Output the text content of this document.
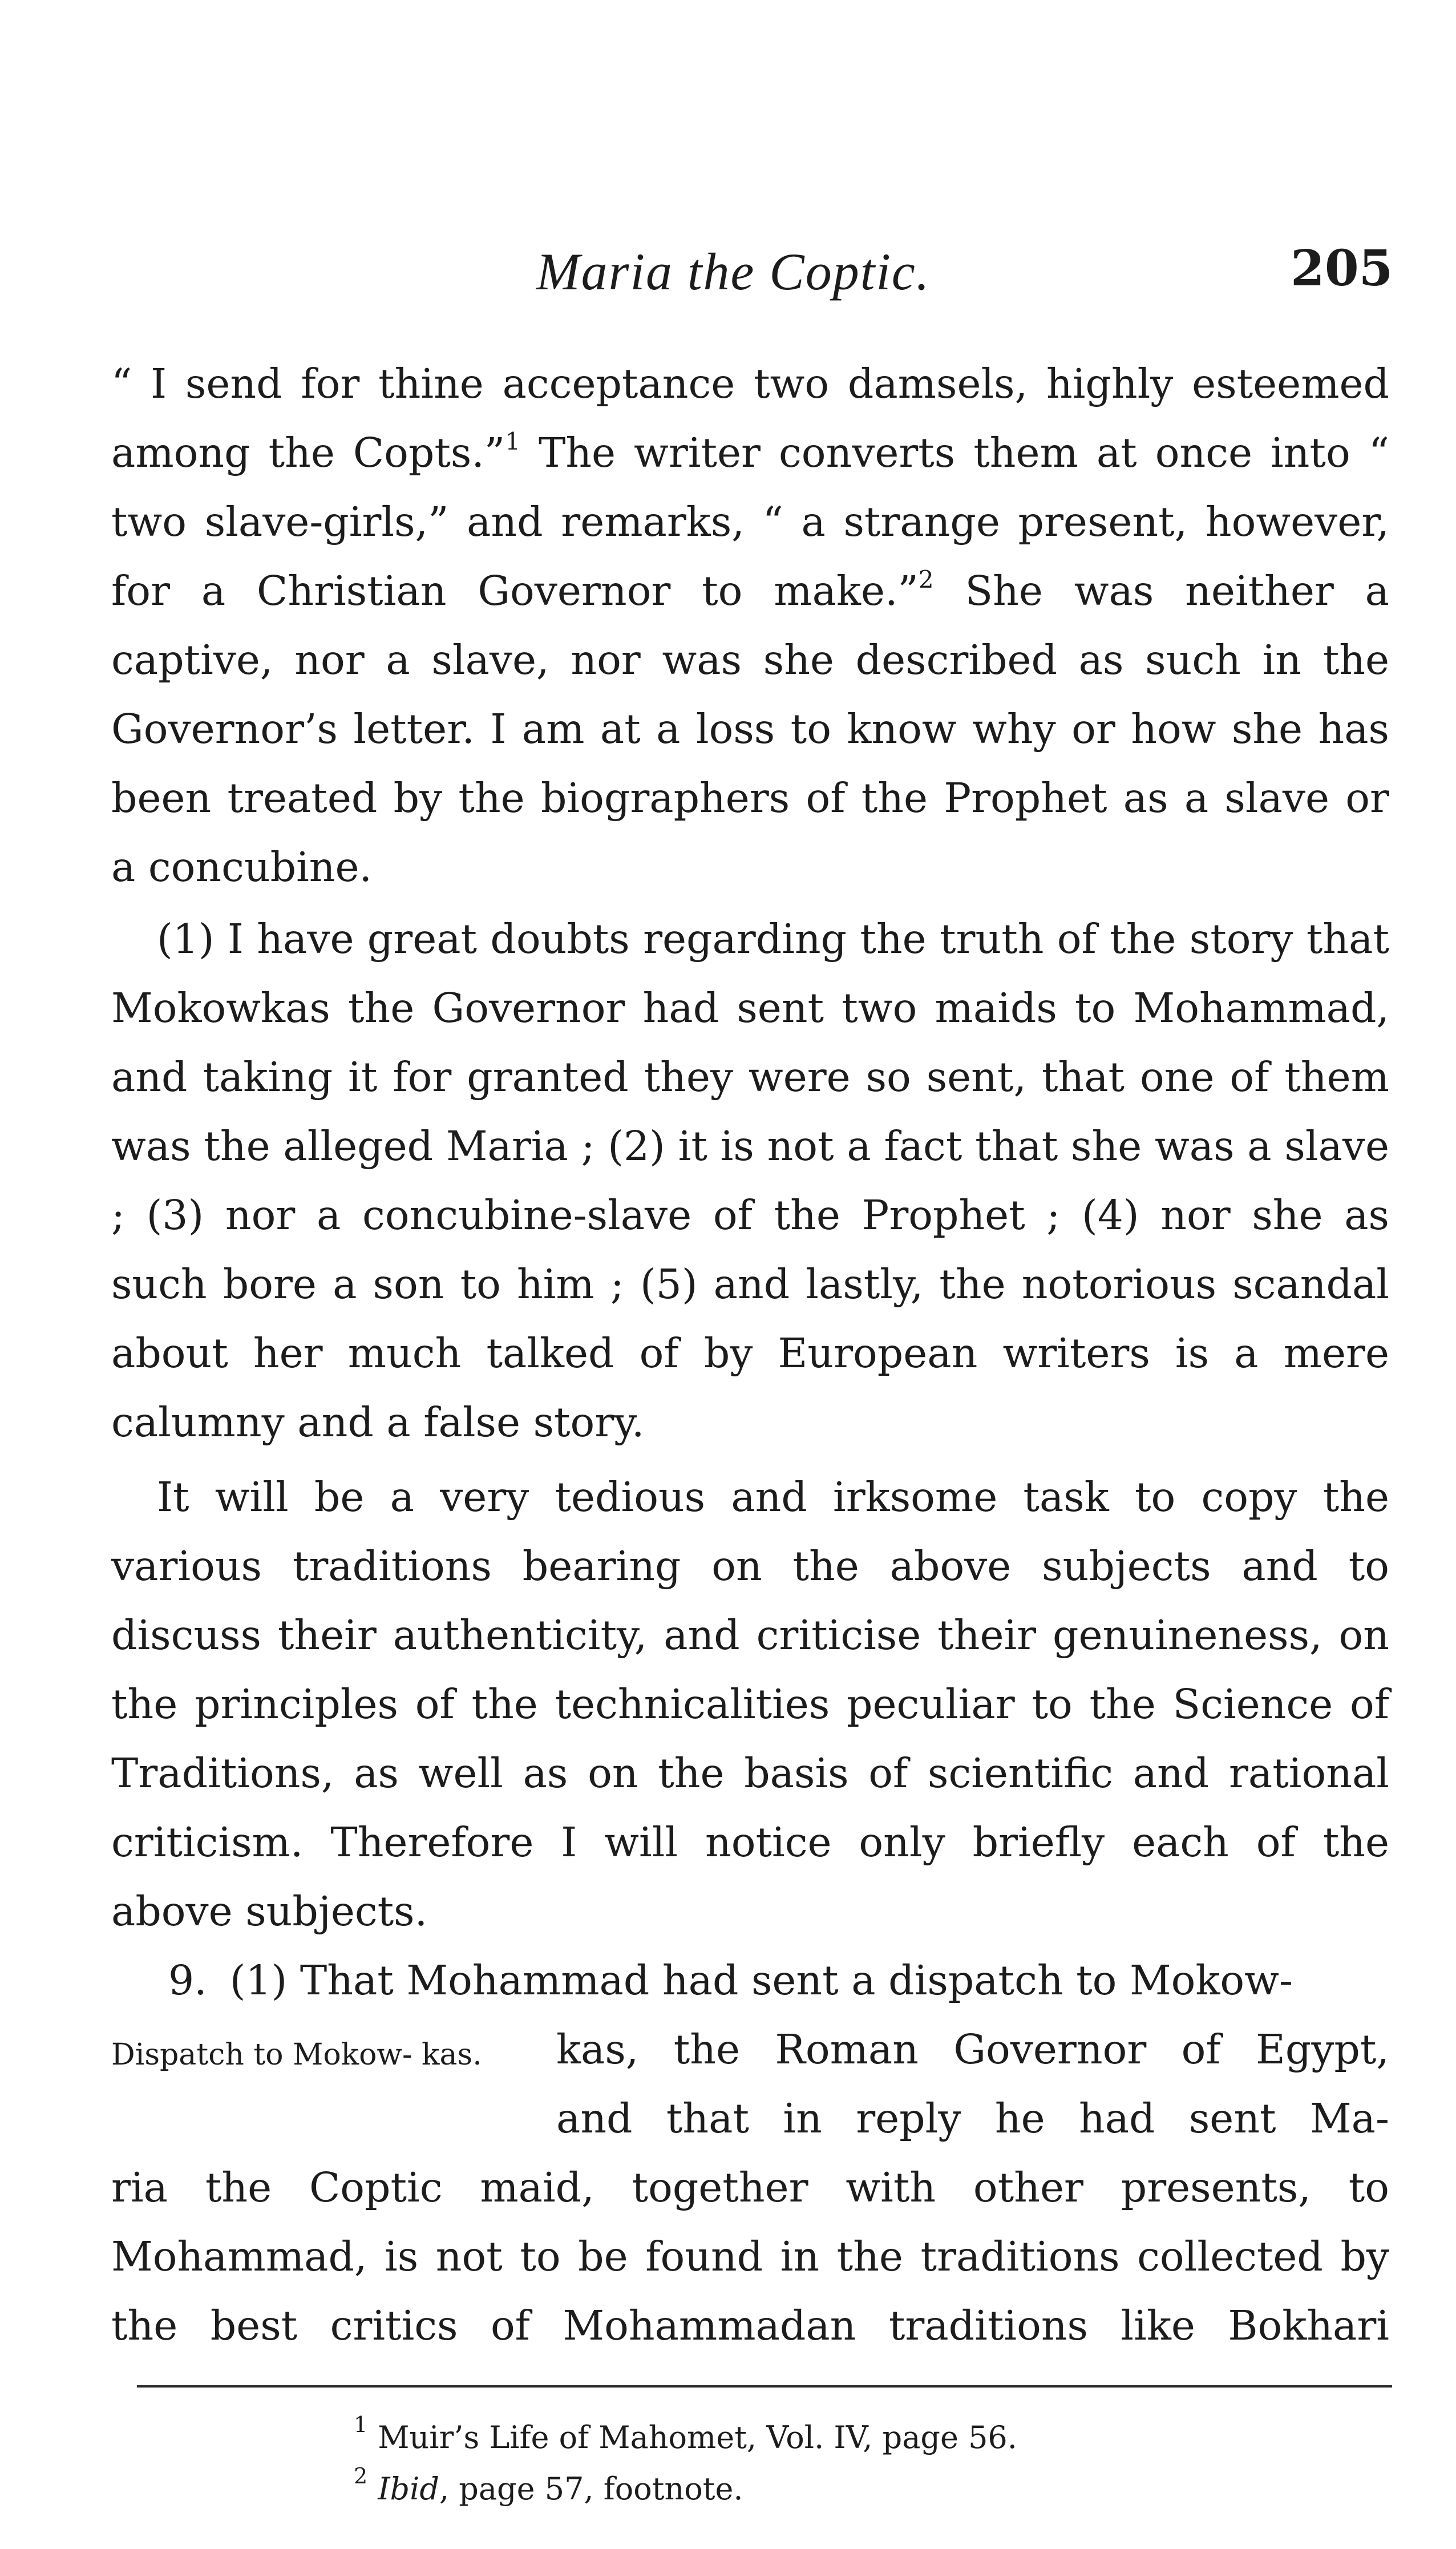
Maria the Coptic.	205

“ I send for thine acceptance two damsels, highly esteemed among the Copts.”$^1$ The writer converts them at once into “ two slave-girls,” and remarks, “ a strange present, however, for a Christian Governor to make.”$^2$ She was neither a captive, nor a slave, nor was she described as such in the Governor’s letter. I am at a loss to know why or how she has been treated by the biographers of the Prophet as a slave or a concubine.

(1) I have great doubts regarding the truth of the story that Mokowkas the Governor had sent two maids to Mohammad, and taking it for granted they were so sent, that one of them was the alleged Maria ; (2) it is not a fact that she was a slave ; (3) nor a concubine-slave of the Prophet ; (4) nor she as such bore a son to him ; (5) and lastly, the notorious scandal about her much talked of by European writers is a mere calumny and a false story.

It will be a very tedious and irksome task to copy the various traditions bearing on the above subjects and to discuss their authenticity, and criticise their genuineness, on the principles of the technicalities peculiar to the Science of Traditions, as well as on the basis of scientific and rational criticism. Therefore I will notice only briefly each of the above subjects.

9. (1) That Mohammad had sent a dispatch to Mokow-
Dispatch to Mokow- kas.	kas, the Roman Governor of Egypt,
and that in reply he had sent Ma-
ria the Coptic maid, together with other presents, to Mohammad, is not to be found in the traditions collected by the best critics of Mohammadan traditions like Bokhari
$^1$ Muir’s Life of Mahomet, Vol. IV, page 56.
$^2$ Ibid, page 57, footnote.
